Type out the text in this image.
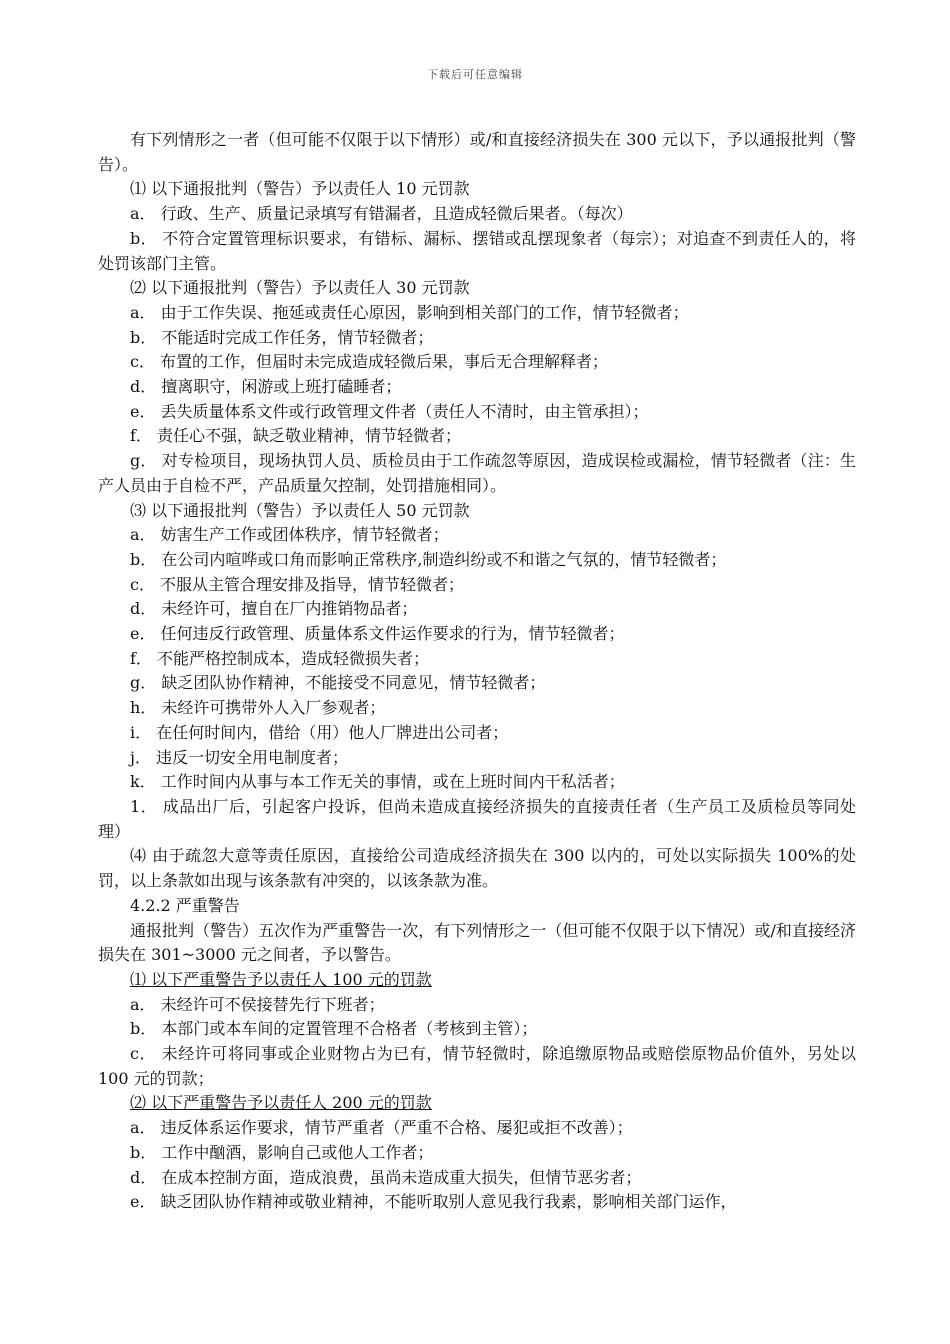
下载后可任意编辑

有下列情形之一者（但可能不仅限于以下情形）或/和直接经济损失在 300 元以下，予以通报批判（警告）。

⑴ 以下通报批判（警告）予以责任人 10 元罚款

a． 行政、生产、质量记录填写有错漏者，且造成轻微后果者。（每次）

b． 不符合定置管理标识要求，有错标、漏标、摆错或乱摆现象者（每宗）；对追查不到责任人的，将处罚该部门主管。

⑵ 以下通报批判（警告）予以责任人 30 元罚款

a． 由于工作失误、拖延或责任心原因，影响到相关部门的工作，情节轻微者；

b． 不能适时完成工作任务，情节轻微者；

c． 布置的工作，但届时未完成造成轻微后果，事后无合理解释者；

d． 擅离职守，闲游或上班打磕睡者；

e． 丢失质量体系文件或行政管理文件者（责任人不清时，由主管承担）；

f． 责任心不强，缺乏敬业精神，情节轻微者；

g． 对专检项目，现场执罚人员、质检员由于工作疏忽等原因，造成误检或漏检，情节轻微者（注：生产人员由于自检不严，产品质量欠控制，处罚措施相同）。

⑶ 以下通报批判（警告）予以责任人 50 元罚款

a． 妨害生产工作或团体秩序，情节轻微者；

b． 在公司内喧哗或口角而影响正常秩序,制造纠纷或不和谐之气氛的，情节轻微者；

c． 不服从主管合理安排及指导，情节轻微者；

d． 未经许可，擅自在厂内推销物品者；

e． 任何违反行政管理、质量体系文件运作要求的行为，情节轻微者；

f． 不能严格控制成本，造成轻微损失者；

g． 缺乏团队协作精神，不能接受不同意见，情节轻微者；

h． 未经许可携带外人入厂参观者；

i． 在任何时间内，借给（用）他人厂牌进出公司者；

j． 违反一切安全用电制度者；

k． 工作时间内从事与本工作无关的事情，或在上班时间内干私活者；

1． 成品出厂后，引起客户投诉，但尚未造成直接经济损失的直接责任者（生产员工及质检员等同处理）

⑷ 由于疏忽大意等责任原因，直接给公司造成经济损失在 300 以内的，可处以实际损失 100%的处罚，以上条款如出现与该条款有冲突的，以该条款为准。

4.2.2 严重警告

通报批判（警告）五次作为严重警告一次，有下列情形之一（但可能不仅限于以下情况）或/和直接经济损失在 301~3000 元之间者，予以警告。

⑴ 以下严重警告予以责任人 100 元的罚款

a． 未经许可不侯接替先行下班者；

b． 本部门或本车间的定置管理不合格者（考核到主管）；

c． 未经许可将同事或企业财物占为已有，情节轻微时，除追缴原物品或赔偿原物品价值外，另处以 100 元的罚款；

⑵ 以下严重警告予以责任人 200 元的罚款

a． 违反体系运作要求，情节严重者（严重不合格、屡犯或拒不改善）；

b． 工作中酗酒，影响自己或他人工作者；

d． 在成本控制方面，造成浪费，虽尚未造成重大损失，但情节恶劣者；

e． 缺乏团队协作精神或敬业精神，不能听取别人意见我行我素，影响相关部门运作，
